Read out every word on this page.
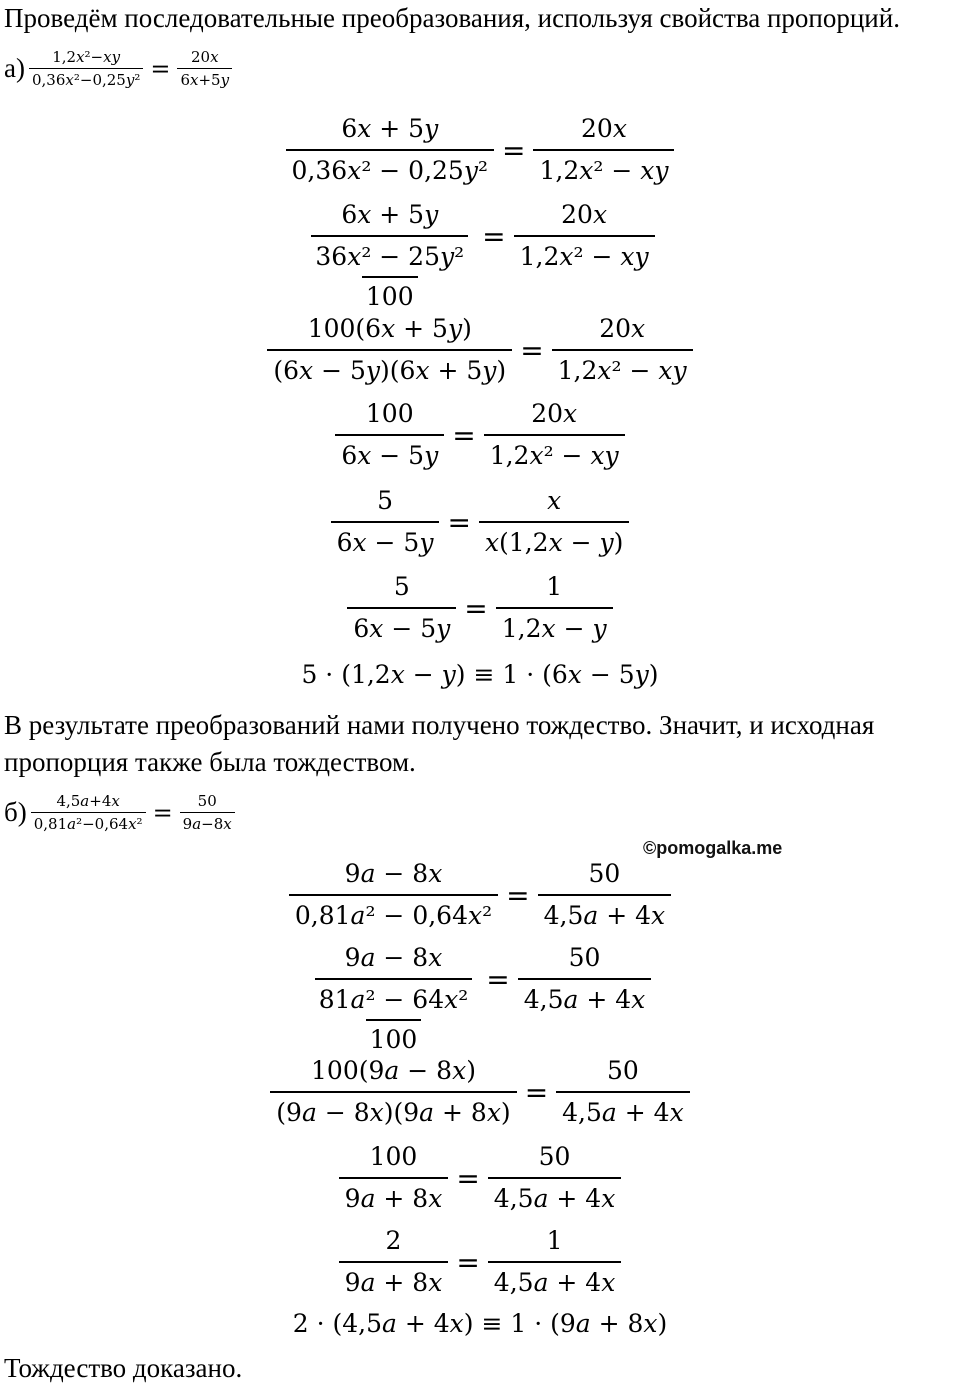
Проведём последовательные преобразования, используя свойства пропорций.

$а) \frac{\text{1,2x²−xy}}{\text{0,36x²−0,25y²}} = \frac{20x}{6x+5y}$
$\frac{6x + 5y}{\text{0,36x² − 0,25y²}} = \frac{20x}{\text{1,2x² − xy}}$
6x + 5y
$\frac{\text{36x² − 25y²}}{100} = \frac{20x}{\text{1,2x² − xy}}$
$\frac{100(6x + 5y)}{(6x - 5y)(6x + 5y)} = \frac{20x}{\text{1,2x² − xy}}$
$\frac{100}{6x - 5y} = \frac{20x}{\text{1,2x² − xy}}$
$\frac{5}{6x - 5y} = \frac{x}{x(1,2x - y)}$
$\frac{5}{6x - 5y} = \frac{1}{1,2x - y}$
5 · (1,2x − y) ≡ 1 · (6x − 5y)

В результате преобразований нами получено тождество. Значит, и исходная

пропорция также была тождеством.

$б) \frac{4,5a+4x}{\text{0,81a²−0,64x²}} = \frac{50}{9a-8x}$
©pomogalka.me
$\frac{9a - 8x}{\text{0,81a² − 0,64x²}} = \frac{50}{4,5a + 4x}$
9a − 8x
$\frac{\text{81a² − 64x²}}{100} = \frac{50}{4,5a + 4x}$
$\frac{100(9a - 8x)}{(9a - 8x)(9a + 8x)} = \frac{50}{4,5a + 4x}$
$\frac{100}{9a + 8x} = \frac{50}{4,5a + 4x}$
$\frac{2}{9a + 8x} = \frac{1}{4,5a + 4x}$
2 · (4,5a + 4x) ≡ 1 · (9a + 8x)

Тождество доказано.
